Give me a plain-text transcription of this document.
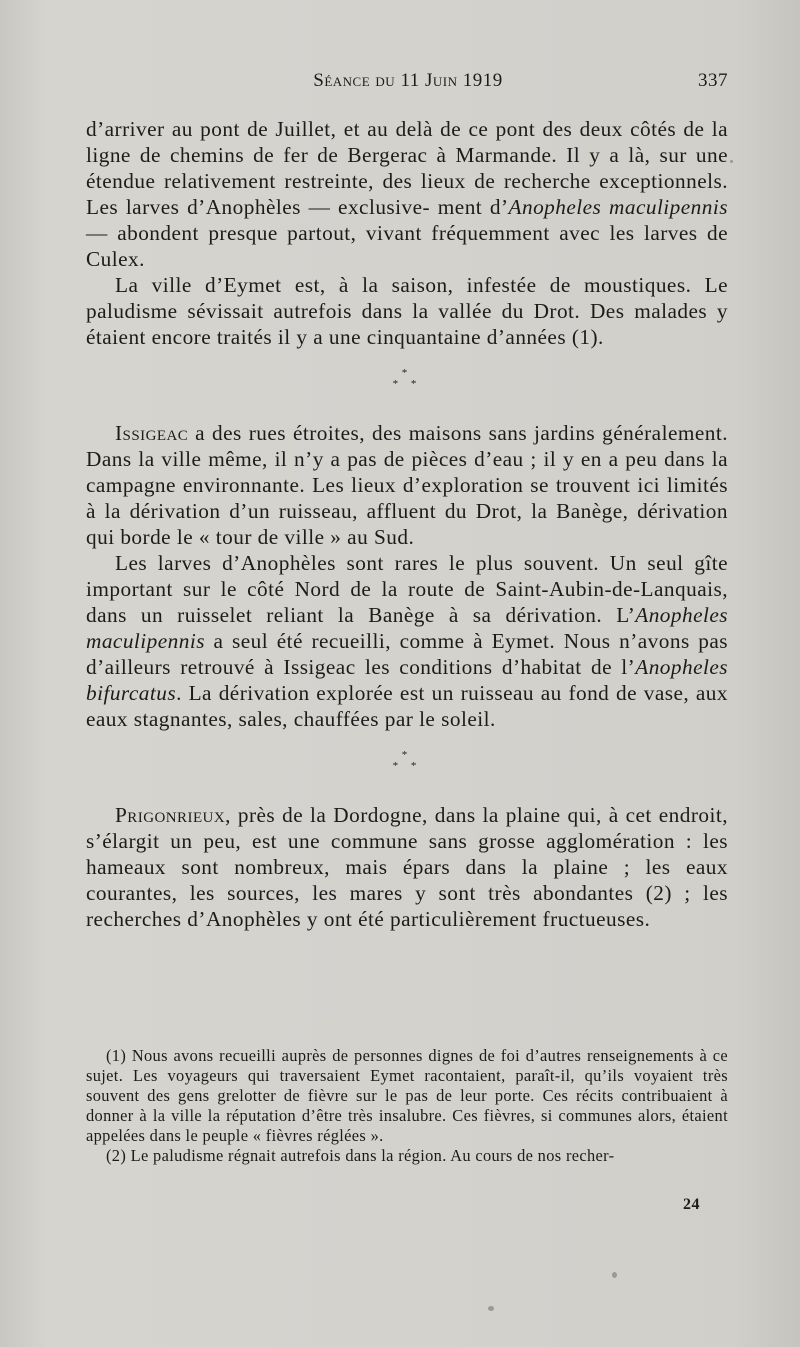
Séance du 11 Juin 1919	337

d’arriver au pont de Juillet, et au delà de ce pont des deux côtés de la ligne de chemins de fer de Bergerac à Marmande. Il y a là, sur une étendue relativement restreinte, des lieux de recherche exceptionnels. Les larves d’Anophèles — exclusive- ment d’Anopheles maculipennis — abondent presque partout, vivant fréquemment avec les larves de Culex.

La ville d’Eymet est, à la saison, infestée de moustiques. Le paludisme sévissait autrefois dans la vallée du Drot. Des malades y étaient encore traités il y a une cinquantaine d’années (1).

*
* *

Issigeac a des rues étroites, des maisons sans jardins généralement. Dans la ville même, il n’y a pas de pièces d’eau ; il y en a peu dans la campagne environnante. Les lieux d’exploration se trouvent ici limités à la dérivation d’un ruisseau, affluent du Drot, la Banège, dérivation qui borde le « tour de ville » au Sud.

Les larves d’Anophèles sont rares le plus souvent. Un seul gîte important sur le côté Nord de la route de Saint-Aubin-de-Lanquais, dans un ruisselet reliant la Banège à sa dérivation. L’Anopheles maculipennis a seul été recueilli, comme à Eymet. Nous n’avons pas d’ailleurs retrouvé à Issigeac les conditions d’habitat de l’Anopheles bifurcatus. La dérivation explorée est un ruisseau au fond de vase, aux eaux stagnantes, sales, chauffées par le soleil.

*
* *

Prigonrieux, près de la Dordogne, dans la plaine qui, à cet endroit, s’élargit un peu, est une commune sans grosse agglomération : les hameaux sont nombreux, mais épars dans la plaine ; les eaux courantes, les sources, les mares y sont très abondantes (2) ; les recherches d’Anophèles y ont été particulièrement fructueuses.

(1) Nous avons recueilli auprès de personnes dignes de foi d’autres renseignements à ce sujet. Les voyageurs qui traversaient Eymet racontaient, paraît-il, qu’ils voyaient très souvent des gens grelotter de fièvre sur le pas de leur porte. Ces récits contribuaient à donner à la ville la réputation d’être très insalubre. Ces fièvres, si communes alors, étaient appelées dans le peuple « fièvres réglées ».

(2) Le paludisme régnait autrefois dans la région. Au cours de nos recher-

24
